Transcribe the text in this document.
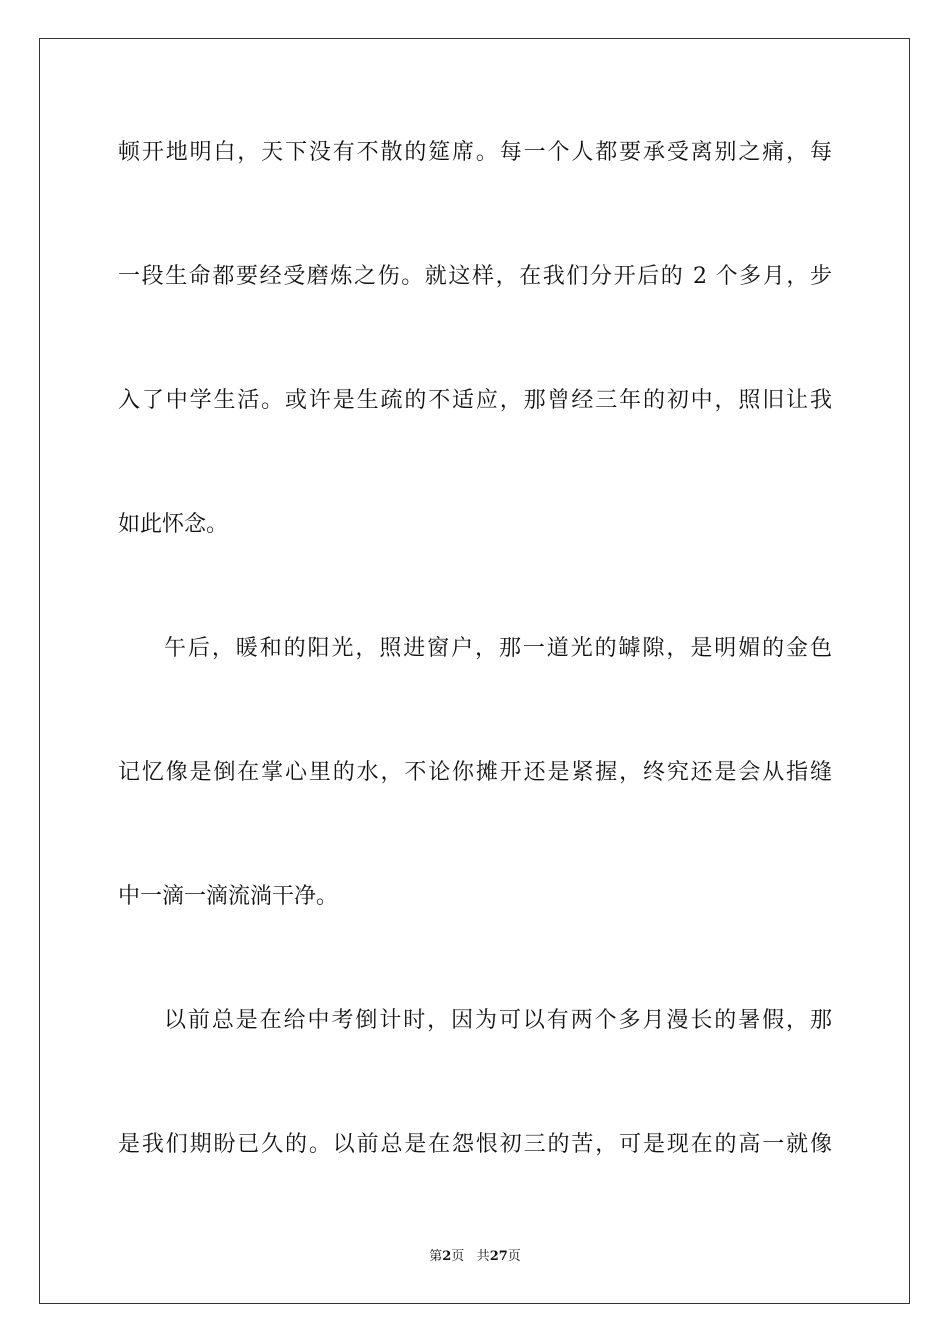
顿开地明白，天下没有不散的筵席。每一个人都要承受离别之痛，每
一段生命都要经受磨炼之伤。就这样，在我们分开后的 2 个多月，步
入了中学生活。或许是生疏的不适应，那曾经三年的初中，照旧让我
如此怀念。
午后，暖和的阳光，照进窗户，那一道光的罅隙，是明媚的金色
记忆像是倒在掌心里的水，不论你摊开还是紧握，终究还是会从指缝
中一滴一滴流淌干净。
以前总是在给中考倒计时，因为可以有两个多月漫长的暑假，那
是我们期盼已久的。以前总是在怨恨初三的苦，可是现在的高一就像
第2页 共27页
